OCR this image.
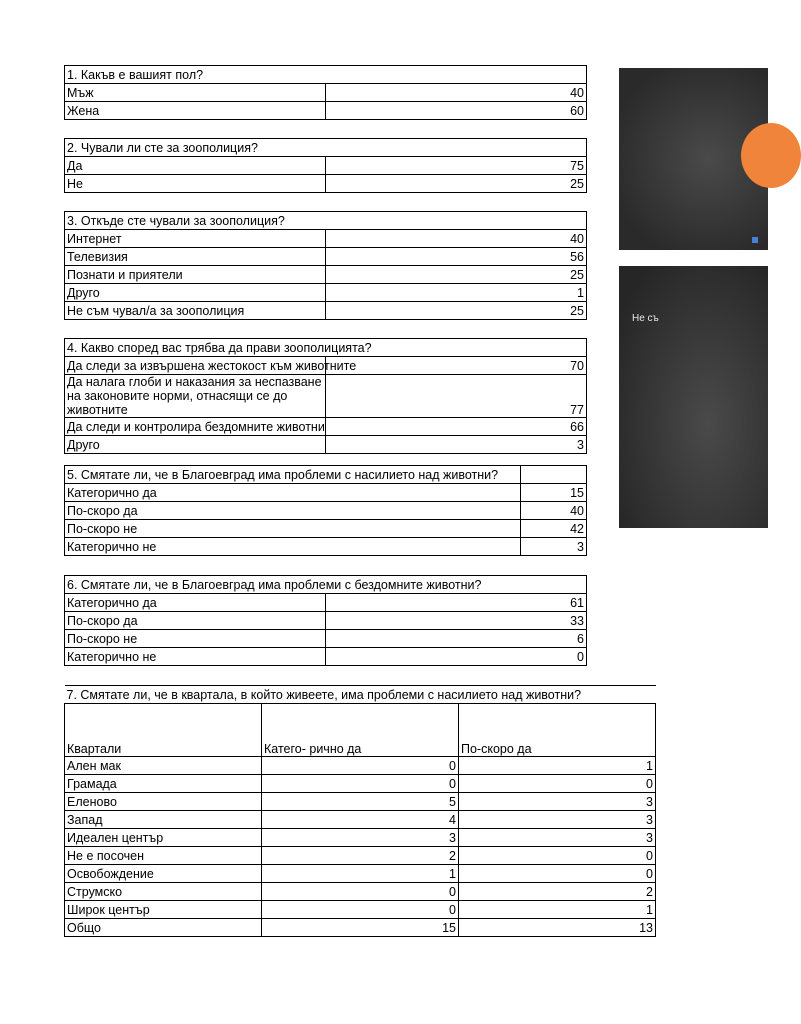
1. Какъв е вашият пол?	
Мъж	40
Жена	60
2. Чували ли сте за зоополиция?	
Да	75
Не	25
3. Откъде сте чували за зоополиция?	
Интернет	40
Телевизия	56
Познати и приятели	25
Друго	1
Не съм чувал/а за зоополиция	25
4. Какво според вас трябва да прави зоополицията?	
Да следи за извършена жестокост към животните	70
Да налага глоби и наказания за неспазване на законовите норми, отнасящи се до животните	77
Да следи и контролира бездомните животни	66
Друго	3
5. Смятате ли, че в Благоевград има проблеми с насилието над животни?	
Категорично да	15
По-скоро да	40
По-скоро не	42
Категорично не	3
6. Смятате ли, че в Благоевград има проблеми с бездомните животни?	
Категорично да	61
По-скоро да	33
По-скоро не	6
Категорично не	0
7. Смятате ли, че в квартала, в който живеете, има проблеми с насилието над животни?		
Квартали	Катего- рично да	По-скоро да
Ален мак	0	1
Грамада	0	0
Еленово	5	3
Запад	4	3
Идеален център	3	3
Не е посочен	2	0
Освобождение	1	0
Струмско	0	2
Широк център	0	1
Общо	15	13
Не съ
